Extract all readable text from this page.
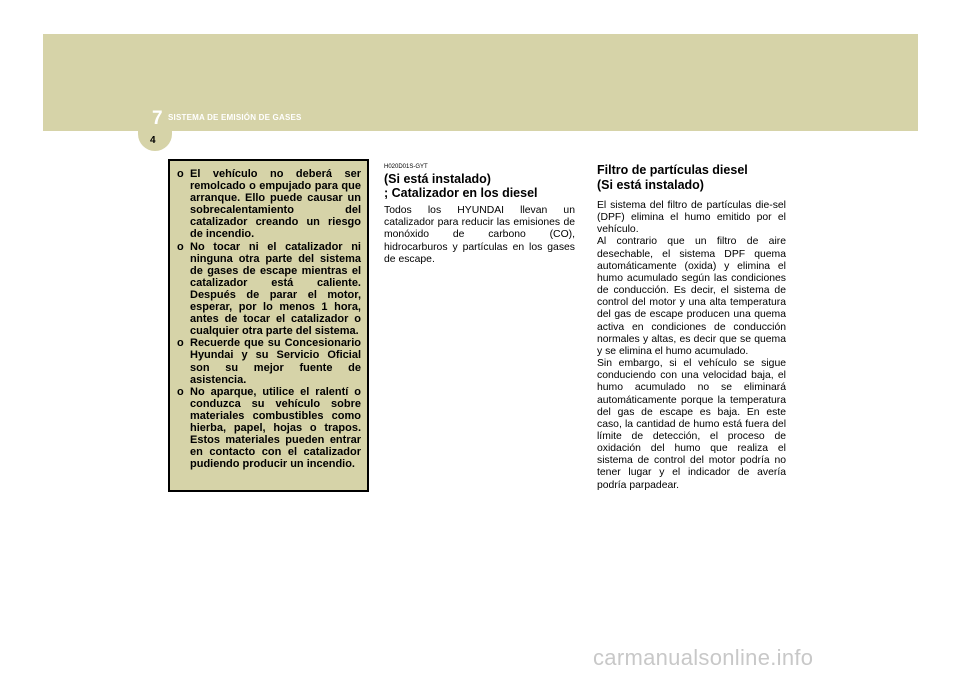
7 SISTEMA DE EMISIÓN DE GASES
4
o El vehículo no deberá ser remolcado o empujado para que arranque. Ello puede causar un sobrecalentamiento del catalizador creando un riesgo de incendio.
o No tocar ni el catalizador ni ninguna otra parte del sistema de gases de escape mientras el catalizador está caliente. Después de parar el motor, esperar, por lo menos 1 hora, antes de tocar el catalizador o cualquier otra parte del sistema.
o Recuerde que su Concesionario Hyundai y su Servicio Oficial son su mejor fuente de asistencia.
o No aparque, utilice el ralentí o conduzca su vehículo sobre materiales combustibles como hierba, papel, hojas o trapos. Estos materiales pueden entrar en contacto con el catalizador pudiendo producir un incendio.
H020D01S-GYT
(Si está instalado)
; Catalizador en los diesel
Todos los HYUNDAI llevan un catalizador para reducir las emisiones de monóxido de carbono (CO), hidrocarburos y partículas en los gases de escape.
Filtro de partículas diesel
(Si está instalado)
El sistema del filtro de partículas die-sel (DPF) elimina el humo emitido por el vehículo.
Al contrario que un filtro de aire desechable, el sistema DPF quema automáticamente (oxida) y elimina el humo acumulado según las condiciones de conducción. Es decir, el sistema de control del motor y una alta temperatura del gas de escape producen una quema activa en condiciones de conducción normales y altas, es decir que se quema y se elimina el humo acumulado.
Sin embargo, si el vehículo se sigue conduciendo con una velocidad baja, el humo acumulado no se eliminará automáticamente porque la temperatura del gas de escape es baja. En este caso, la cantidad de humo está fuera del límite de detección, el proceso de oxidación del humo que realiza el sistema de control del motor podría no tener lugar y el indicador de avería podría parpadear.
carmanualsonline.info
